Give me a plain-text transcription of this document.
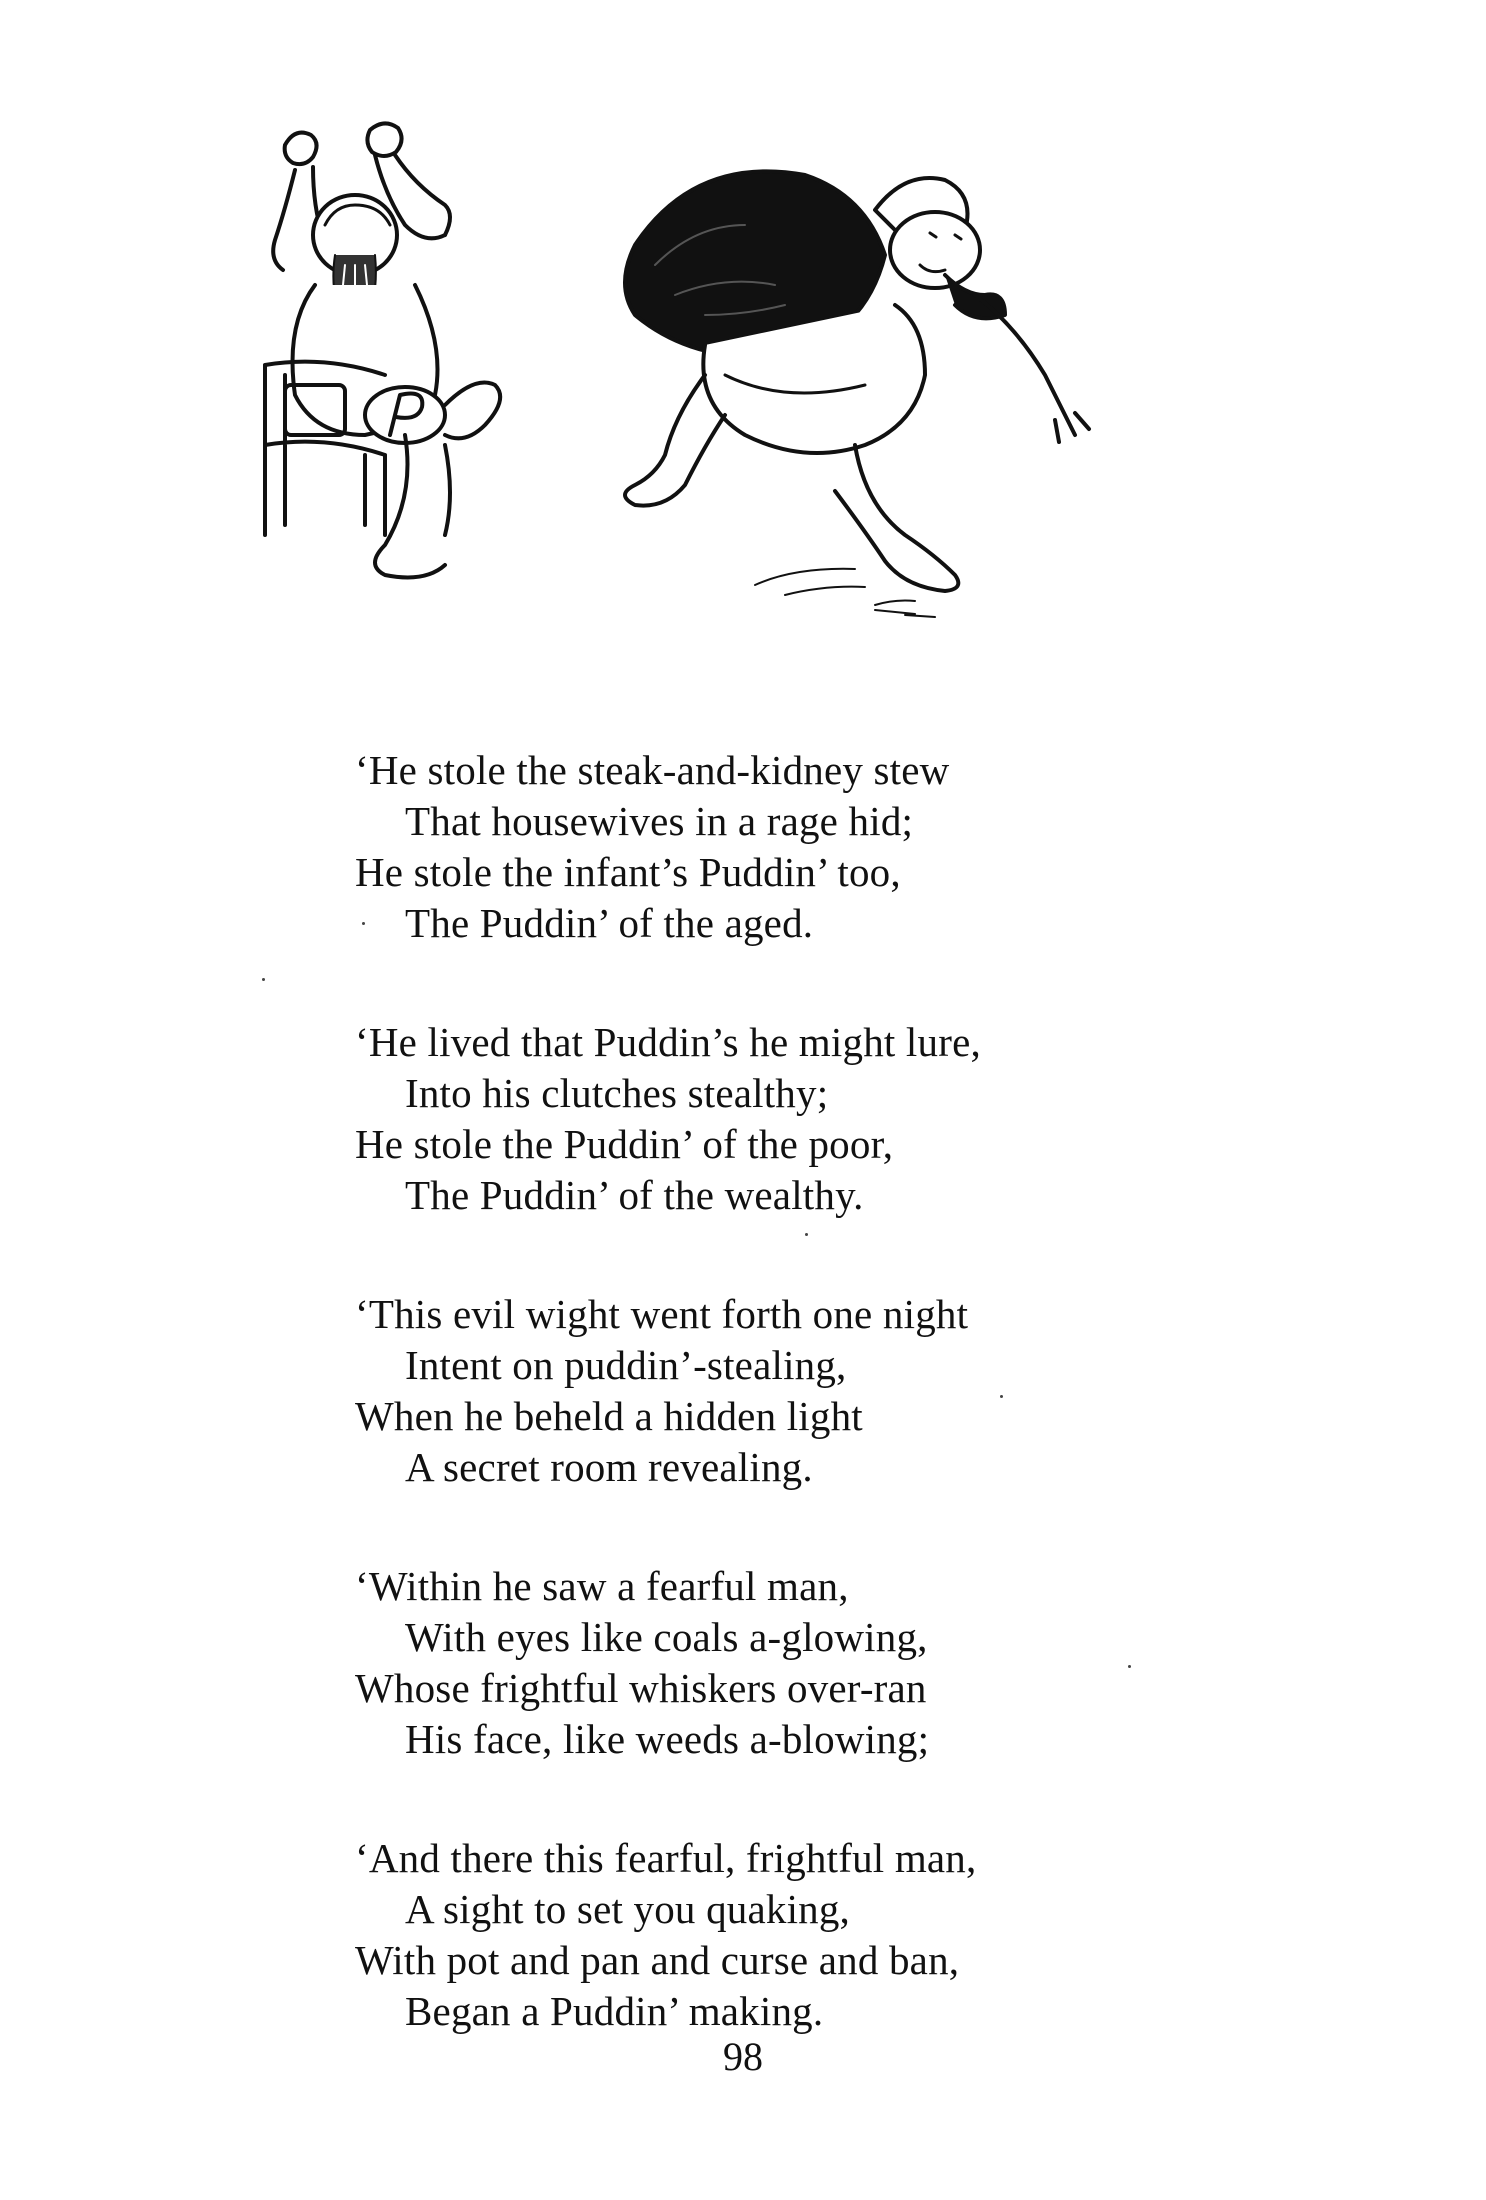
‘He stole the steak-and-kidney stew
That housewives in a rage hid;
He stole the infant’s Puddin’ too,
The Puddin’ of the aged.
‘He lived that Puddin’s he might lure,
Into his clutches stealthy;
He stole the Puddin’ of the poor,
The Puddin’ of the wealthy.
‘This evil wight went forth one night
Intent on puddin’-stealing,
When he beheld a hidden light
A secret room revealing.
‘Within he saw a fearful man,
With eyes like coals a-glowing,
Whose frightful whiskers over-ran
His face, like weeds a-blowing;
‘And there this fearful, frightful man,
A sight to set you quaking,
With pot and pan and curse and ban,
Began a Puddin’ making.
98
